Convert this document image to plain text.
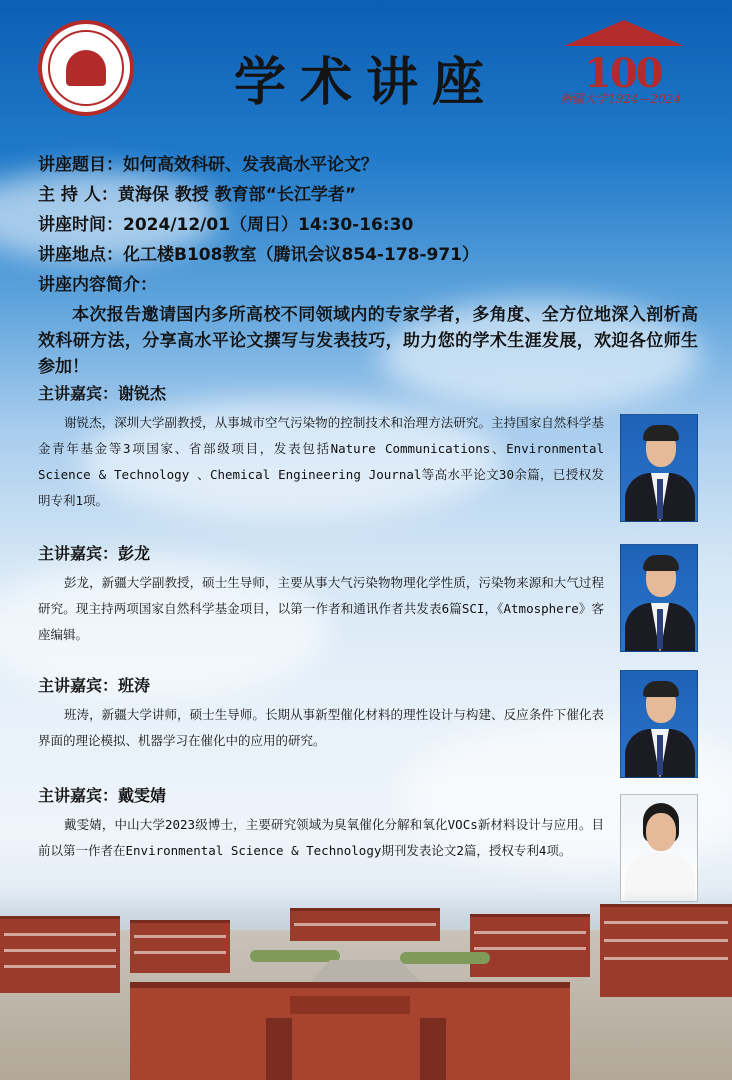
100
新疆大学1924—2024
学术讲座
讲座题目：如何高效科研、发表高水平论文？
主 持 人：黄海保 教授 教育部“长江学者”
讲座时间：2024/12/01（周日）14:30-16:30
讲座地点：化工楼B108教室（腾讯会议854-178-971）
讲座内容简介：
本次报告邀请国内多所高校不同领域内的专家学者，多角度、全方位地深入剖析高效科研方法，分享高水平论文撰写与发表技巧，助力您的学术生涯发展，欢迎各位师生参加！
主讲嘉宾：谢锐杰
谢锐杰，深圳大学副教授，从事城市空气污染物的控制技术和治理方法研究。主持国家自然科学基金青年基金等3项国家、省部级项目，发表包括Nature Communications、Environmental Science & Technology 、Chemical Engineering Journal等高水平论文30余篇，已授权发明专利1项。
主讲嘉宾：彭龙
彭龙，新疆大学副教授，硕士生导师，主要从事大气污染物物理化学性质，污染物来源和大气过程研究。现主持两项国家自然科学基金项目，以第一作者和通讯作者共发表6篇SCI，《Atmosphere》客座编辑。
主讲嘉宾：班涛
班涛，新疆大学讲师，硕士生导师。长期从事新型催化材料的理性设计与构建、反应条件下催化表界面的理论模拟、机器学习在催化中的应用的研究。
主讲嘉宾：戴雯婧
戴雯婧，中山大学2023级博士，主要研究领域为臭氧催化分解和氧化VOCs新材料设计与应用。目前以第一作者在Environmental Science & Technology期刊发表论文2篇，授权专利4项。
